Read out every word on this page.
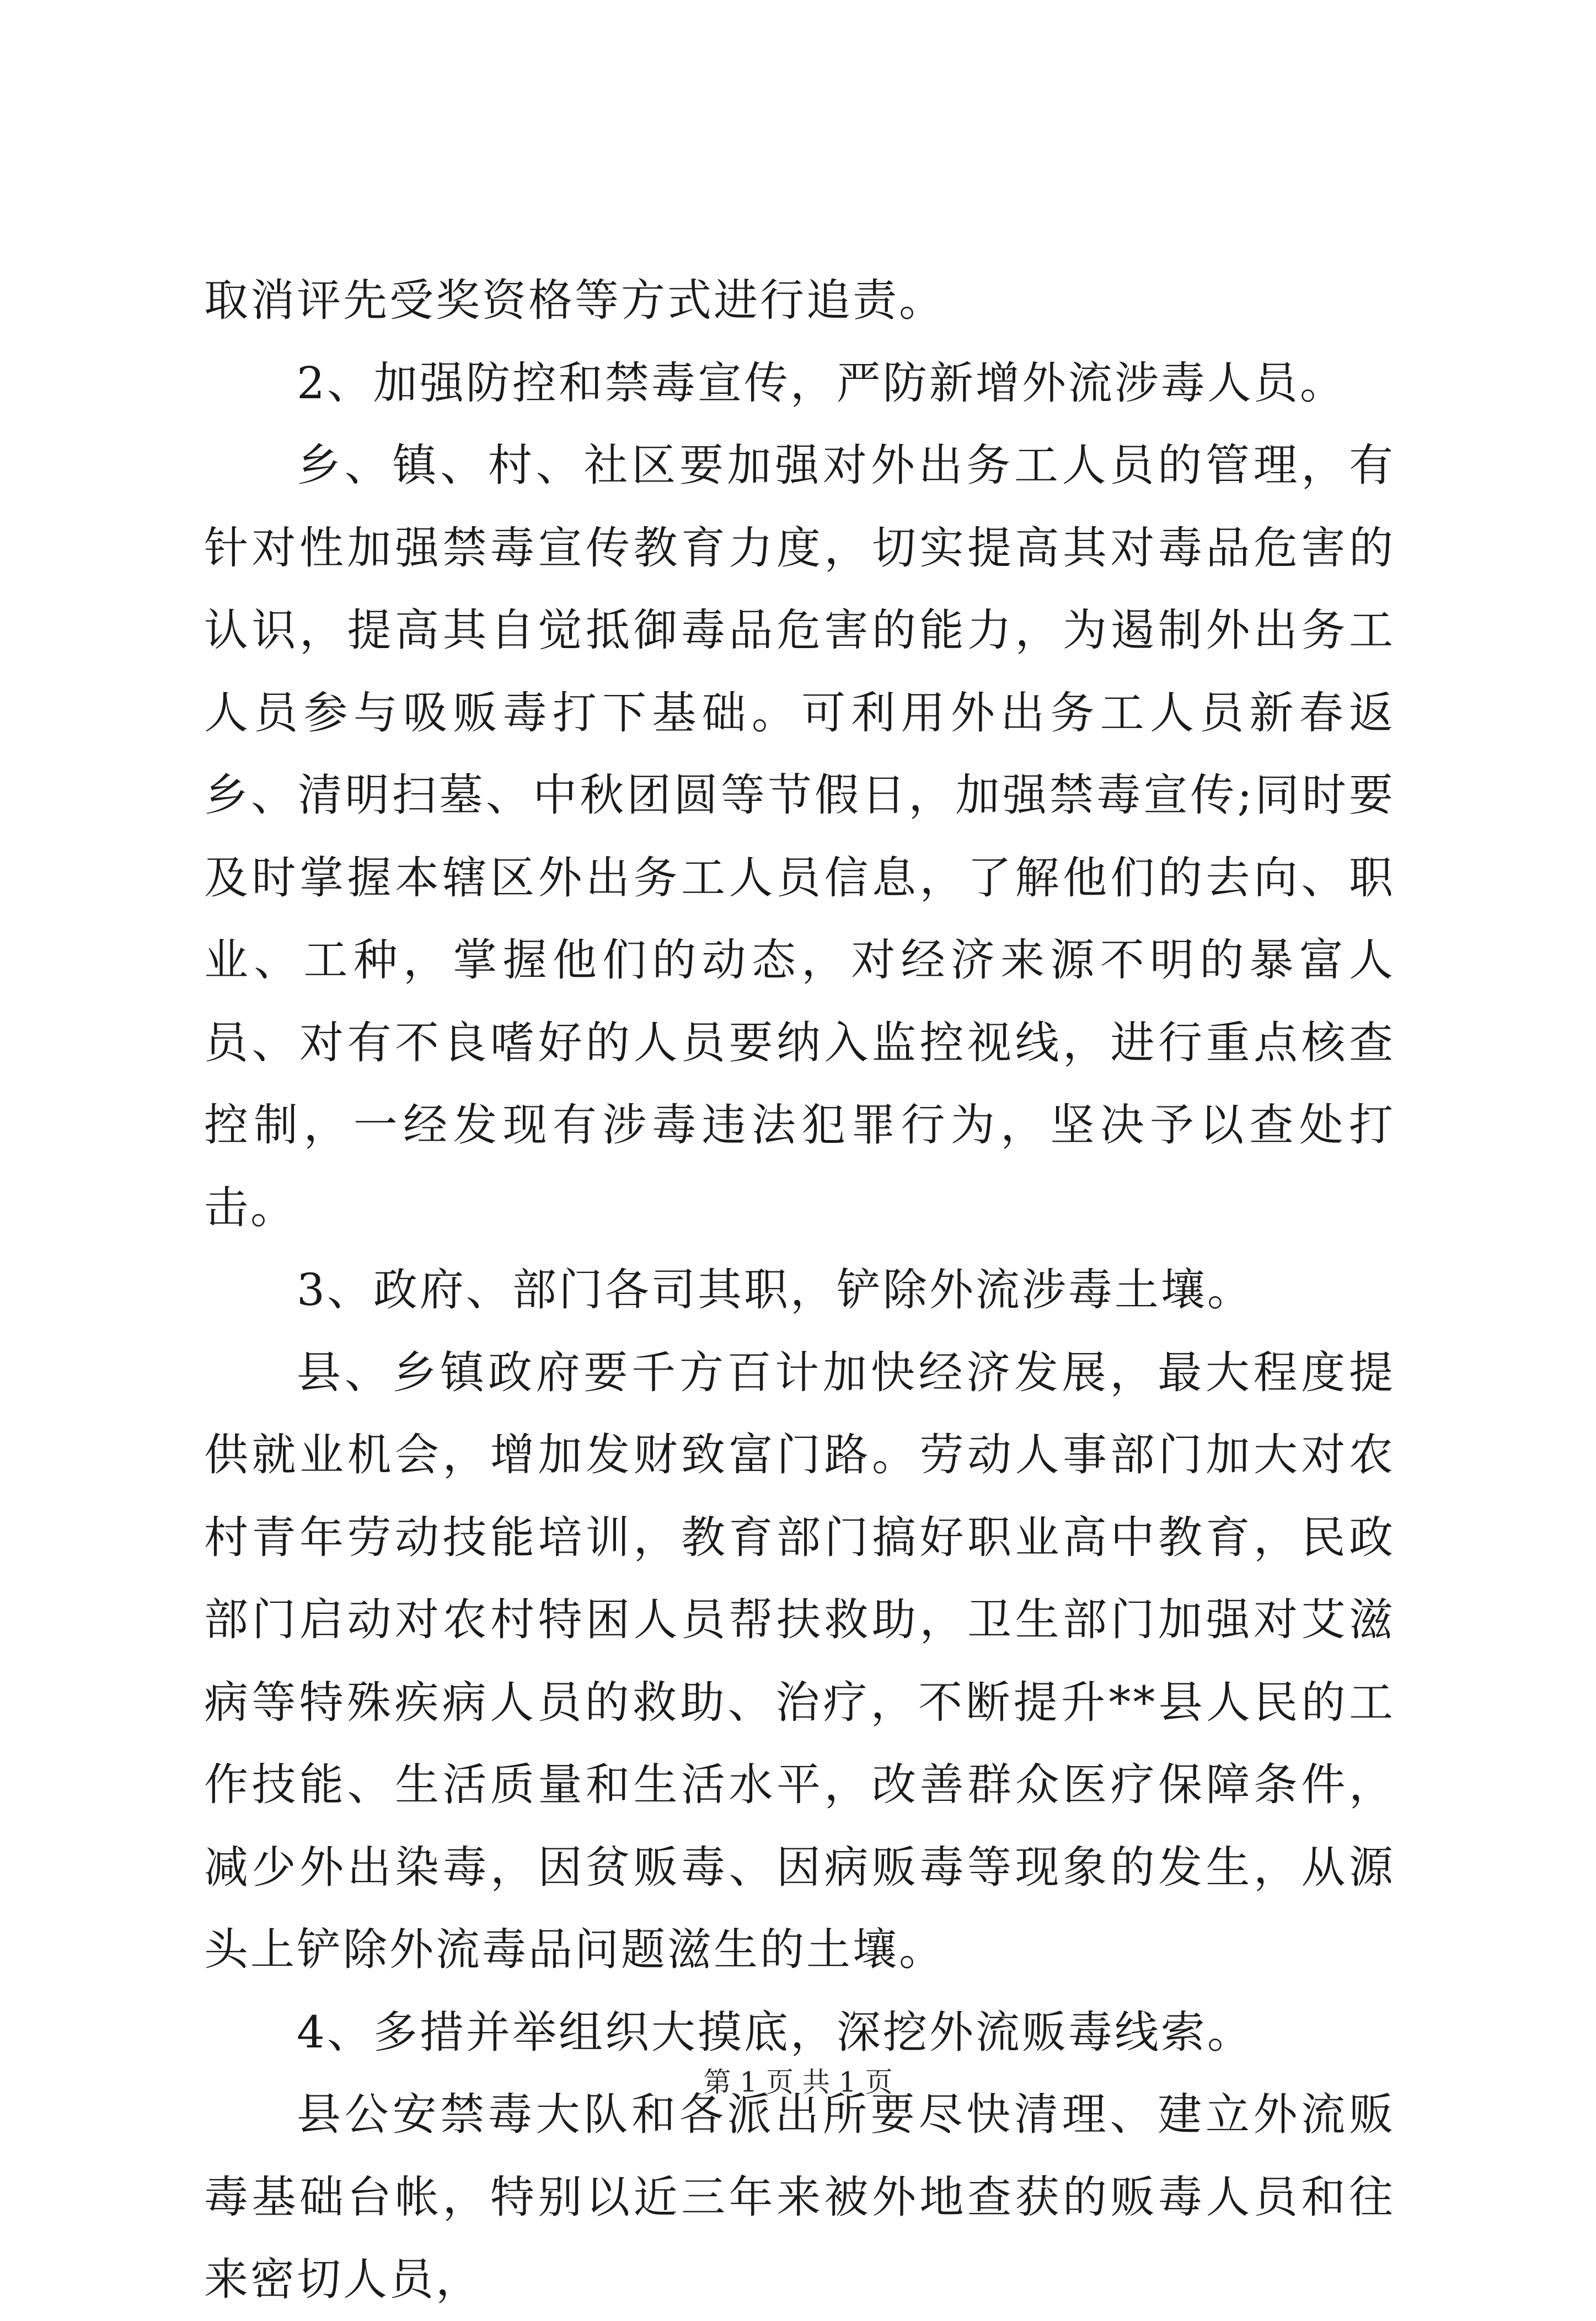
取消评先受奖资格等方式进行追责。

2、加强防控和禁毒宣传，严防新增外流涉毒人员。

乡、镇、村、社区要加强对外出务工人员的管理，有针对性加强禁毒宣传教育力度，切实提高其对毒品危害的认识，提高其自觉抵御毒品危害的能力，为遏制外出务工人员参与吸贩毒打下基础。可利用外出务工人员新春返乡、清明扫墓、中秋团圆等节假日，加强禁毒宣传;同时要及时掌握本辖区外出务工人员信息，了解他们的去向、职业、工种，掌握他们的动态，对经济来源不明的暴富人员、对有不良嗜好的人员要纳入监控视线，进行重点核查控制，一经发现有涉毒违法犯罪行为，坚决予以查处打击。

3、政府、部门各司其职，铲除外流涉毒土壤。

县、乡镇政府要千方百计加快经济发展，最大程度提供就业机会，增加发财致富门路。劳动人事部门加大对农村青年劳动技能培训，教育部门搞好职业高中教育，民政部门启动对农村特困人员帮扶救助，卫生部门加强对艾滋病等特殊疾病人员的救助、治疗，不断提升**县人民的工作技能、生活质量和生活水平，改善群众医疗保障条件，减少外出染毒，因贫贩毒、因病贩毒等现象的发生，从源头上铲除外流毒品问题滋生的土壤。

4、多措并举组织大摸底，深挖外流贩毒线索。

县公安禁毒大队和各派出所要尽快清理、建立外流贩毒基础台帐，特别以近三年来被外地查获的贩毒人员和往来密切人员，

第 1 页 共 1 页
